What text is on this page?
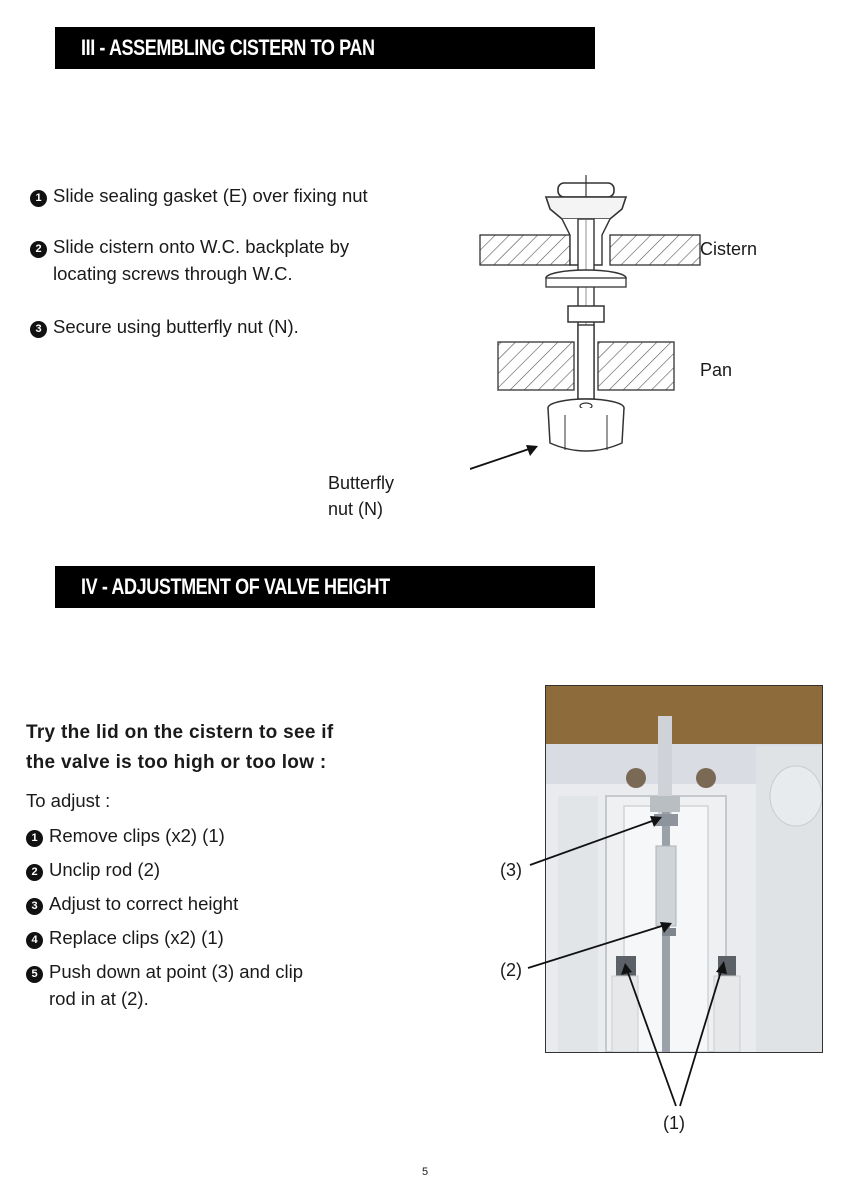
III - ASSEMBLING CISTERN TO PAN
1 Slide sealing gasket (E) over fixing nut
2 Slide cistern onto W.C. backplate by
locating screws through W.C.
3 Secure using butterfly nut (N).
Cistern
Pan
Butterfly
nut (N)
IV - ADJUSTMENT OF VALVE HEIGHT
Try the lid on the cistern to see if
the valve is too high or too low :
To adjust :
1 Remove clips (x2) (1)
2 Unclip rod (2)
3 Adjust to correct height
4 Replace clips (x2) (1)
5 Push down at point (3) and clip
rod in at (2).
(3)
(2)
(1)
5
